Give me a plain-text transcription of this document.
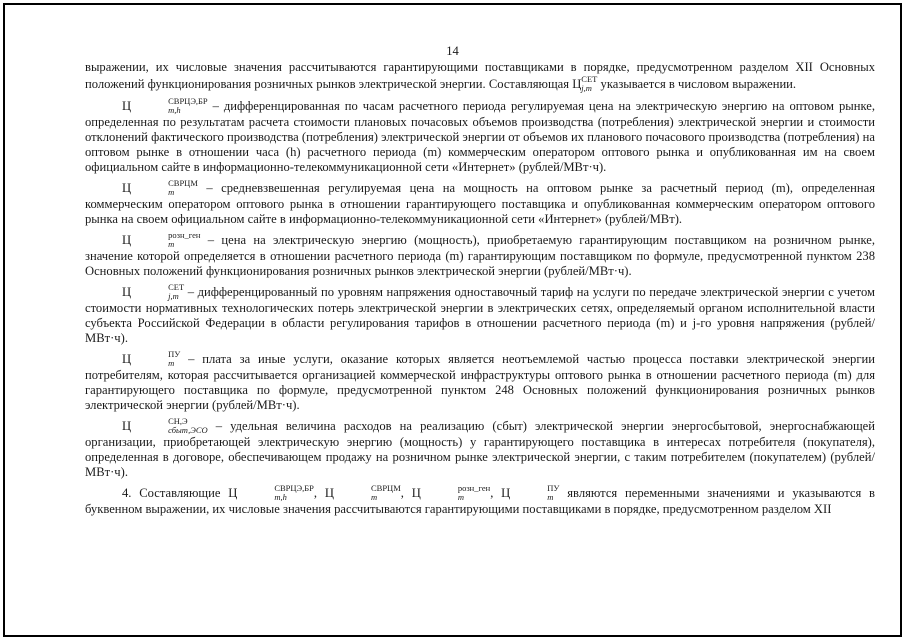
14

выражении, их числовые значения рассчитываются гарантирующими поставщиками в порядке, предусмотренном разделом XII Основных положений функционирования розничных рынков электрической энергии. Составляющая Ц СЕТ
j,m указывается в числовом выражении.

Ц	СВРЦЭ,БР
m,h	– дифференцированная по часам расчетного периода регулируемая цена на электрическую энергию на оптовом рынке, определенная по результатам расчета стоимости плановых почасовых объемов производства (потребления) электрической энергии и стоимости отклонений фактического производства (потребления) электрической энергии от объемов их планового почасового производства (потребления) на оптовом рынке в отношении часа (h) расчетного периода (m) коммерческим оператором оптового рынка и опубликованная им на своем официальном сайте в информационно-телекоммуникационной сети «Интернет» (рублей/МВт·ч).

Ц	СВРЦМ
m	– средневзвешенная регулируемая цена на мощность на оптовом рынке за расчетный период (m), определенная коммерческим оператором оптового рынка в отношении гарантирующего поставщика и опубликованная коммерческим оператором оптового рынка на своем официальном сайте в информационно-телекоммуникационной сети «Интернет» (рублей/МВт).

Ц	розн_ген
m	– цена на электрическую энергию (мощность), приобретаемую гарантирующим поставщиком на розничном рынке, значение которой определяется в отношении расчетного периода (m) гарантирующим поставщиком по формуле, предусмотренной пунктом 238 Основных положений функционирования розничных рынков электрической энергии (рублей/МВт·ч).

Ц	СЕТ
j,m – дифференцированный по уровням напряжения одноставочный тариф на услуги по передаче электрической энергии с учетом стоимости нормативных технологических потерь электрической энергии в электрических сетях, определяемый органом исполнительной власти субъекта Российской Федерации в области регулирования тарифов в отношении расчетного периода (m) и j-го уровня напряжения (рублей/МВт·ч).

Ц	ПУ
m	– плата за иные услуги, оказание которых является неотъемлемой частью процесса поставки электрической энергии потребителям, которая рассчитывается организацией коммерческой инфраструктуры оптового рынка в отношении расчетного периода (m) для гарантирующего поставщика по формуле, предусмотренной пунктом 248 Основных положений функционирования розничных рынков электрической энергии (рублей/МВт·ч).

Ц	СН,Э
сбыт,ЭСО – удельная величина расходов на реализацию (сбыт) электрической энергии энергосбытовой, энергоснабжающей организации, приобретающей электрическую энергию (мощность) у гарантирующего поставщика в интересах потребителя (покупателя), определенная в договоре, обеспечивающем продажу на розничном рынке электрической энергии, с таким потребителем (покупателем) (рублей/МВт·ч).

4. Составляющие Ц	СВРЦЭ,БР
m,h	, Ц	СВРЦМ
m	, Ц	розн_ген
m	, Ц	ПУ
m	являются переменными значениями и указываются в буквенном выражении, их числовые значения рассчитываются гарантирующими поставщиками в порядке, предусмотренном разделом XII
